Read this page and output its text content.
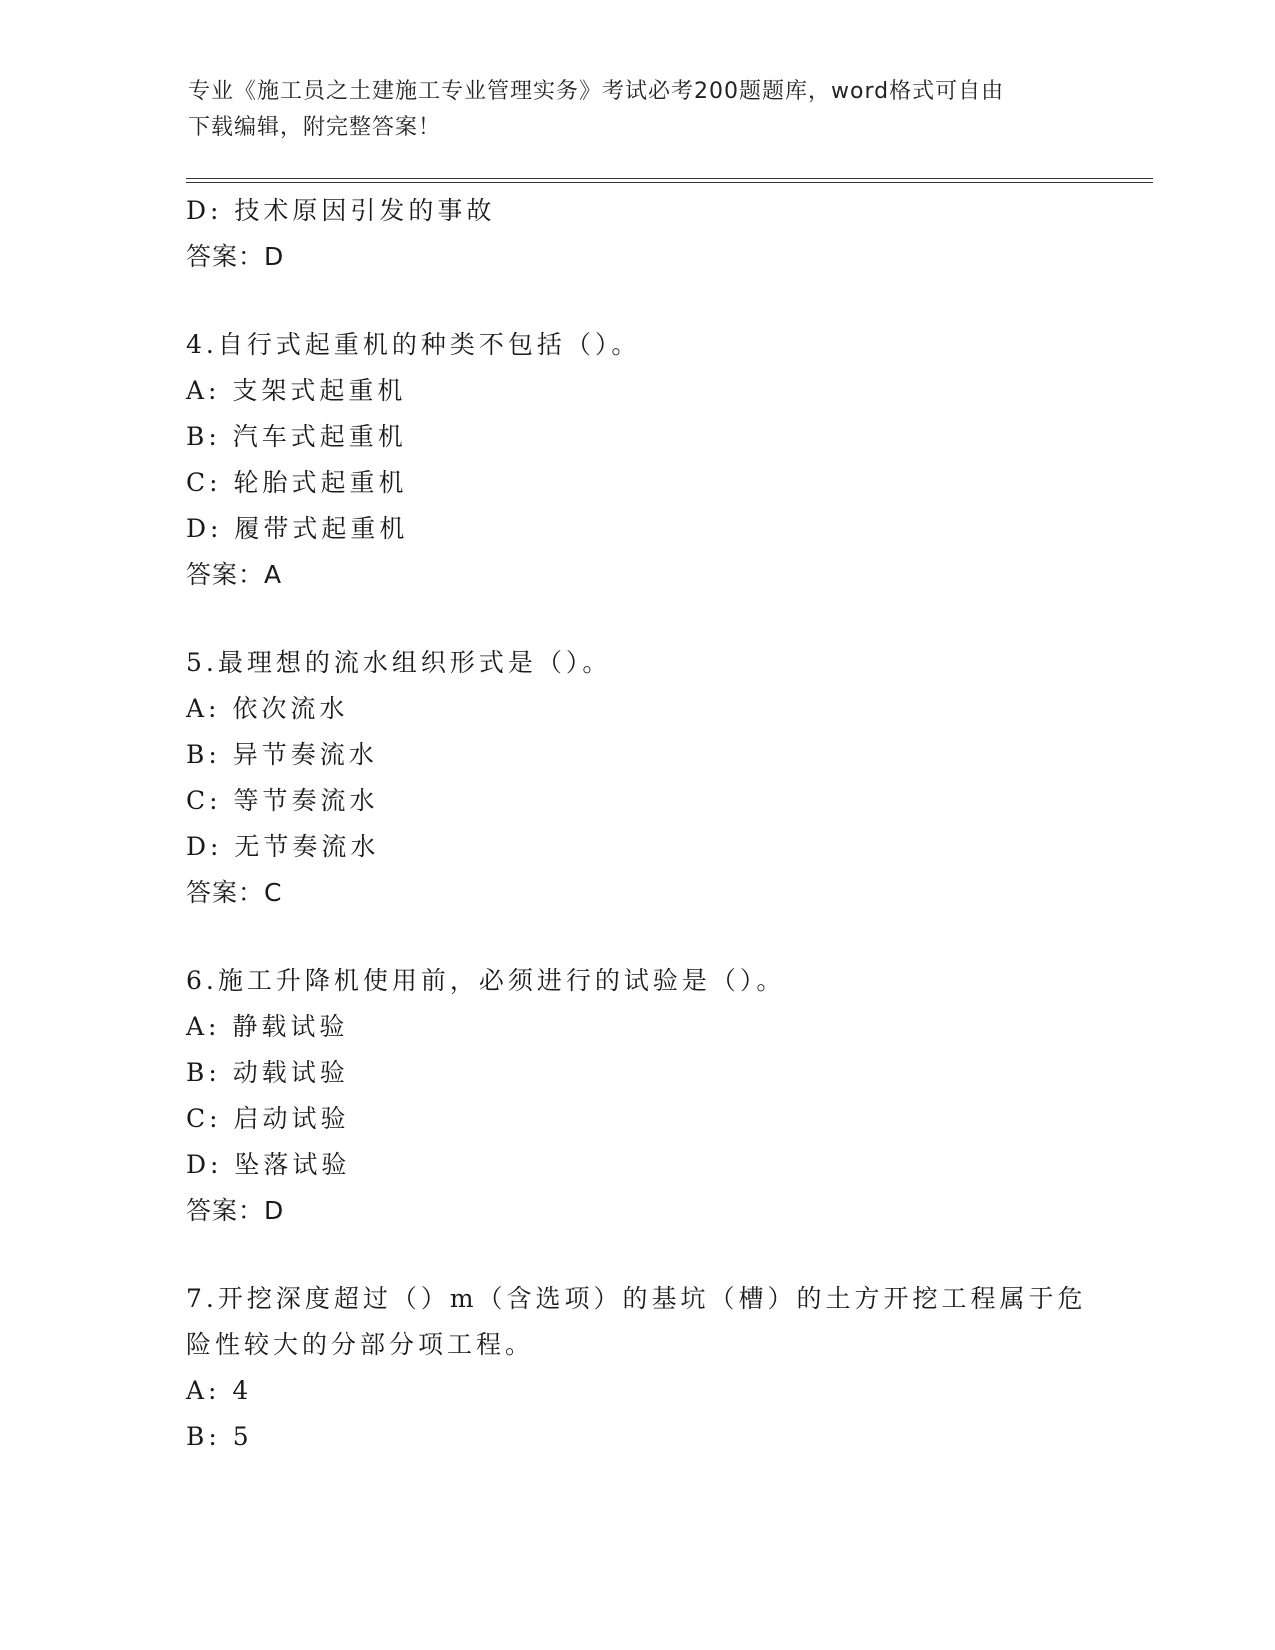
专业《施工员之土建施工专业管理实务》考试必考200题题库，word格式可自由
下载编辑，附完整答案！

D: 技术原因引发的事故

答案：D

4.自行式起重机的种类不包括（）。

A: 支架式起重机

B: 汽车式起重机

C: 轮胎式起重机

D: 履带式起重机

答案：A

5.最理想的流水组织形式是（）。

A: 依次流水

B: 异节奏流水

C: 等节奏流水

D: 无节奏流水

答案：C

6.施工升降机使用前，必须进行的试验是（）。

A: 静载试验

B: 动载试验

C: 启动试验

D: 坠落试验

答案：D

7.开挖深度超过（）m（含选项）的基坑（槽）的土方开挖工程属于危

险性较大的分部分项工程。

A: 4

B: 5
